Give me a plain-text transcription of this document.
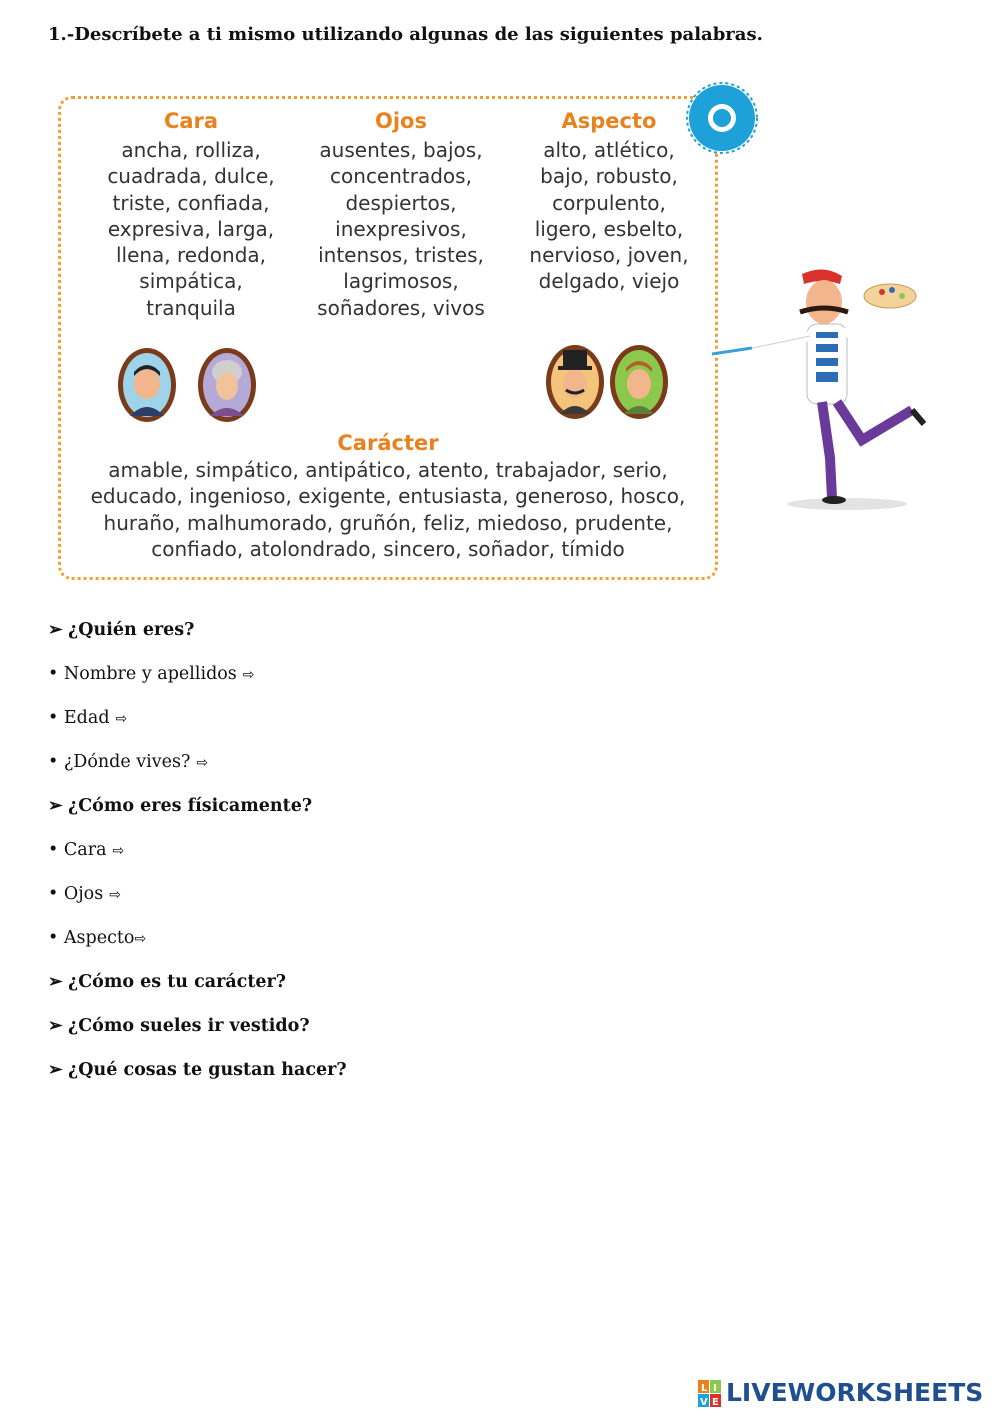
1.-Descríbete a ti mismo utilizando algunas de las siguientes palabras.
Cara
ancha, rolliza,
cuadrada, dulce,
triste, confiada,
expresiva, larga,
llena, redonda,
simpática,
tranquila
Ojos
ausentes, bajos,
concentrados,
despiertos,
inexpresivos,
intensos, tristes,
lagrimosos,
soñadores, vivos
Aspecto
alto, atlético,
bajo, robusto,
corpulento,
ligero, esbelto,
nervioso, joven,
delgado, viejo
Carácter
amable, simpático, antipático, atento, trabajador, serio,
educado, ingenioso, exigente, entusiasta, generoso, hosco,
huraño, malhumorado, gruñón, feliz, miedoso, prudente,
confiado, atolondrado, sincero, soñador, tímido
➢ ¿Quién eres?
• Nombre y apellidos ⇨
• Edad ⇨
• ¿Dónde vives? ⇨
➢ ¿Cómo eres físicamente?
• Cara ⇨
• Ojos ⇨
• Aspecto⇨
➢ ¿Cómo es tu carácter?
➢ ¿Cómo sueles ir vestido?
➢ ¿Qué cosas te gustan hacer?
L I
V E LIVEWORKSHEETS
